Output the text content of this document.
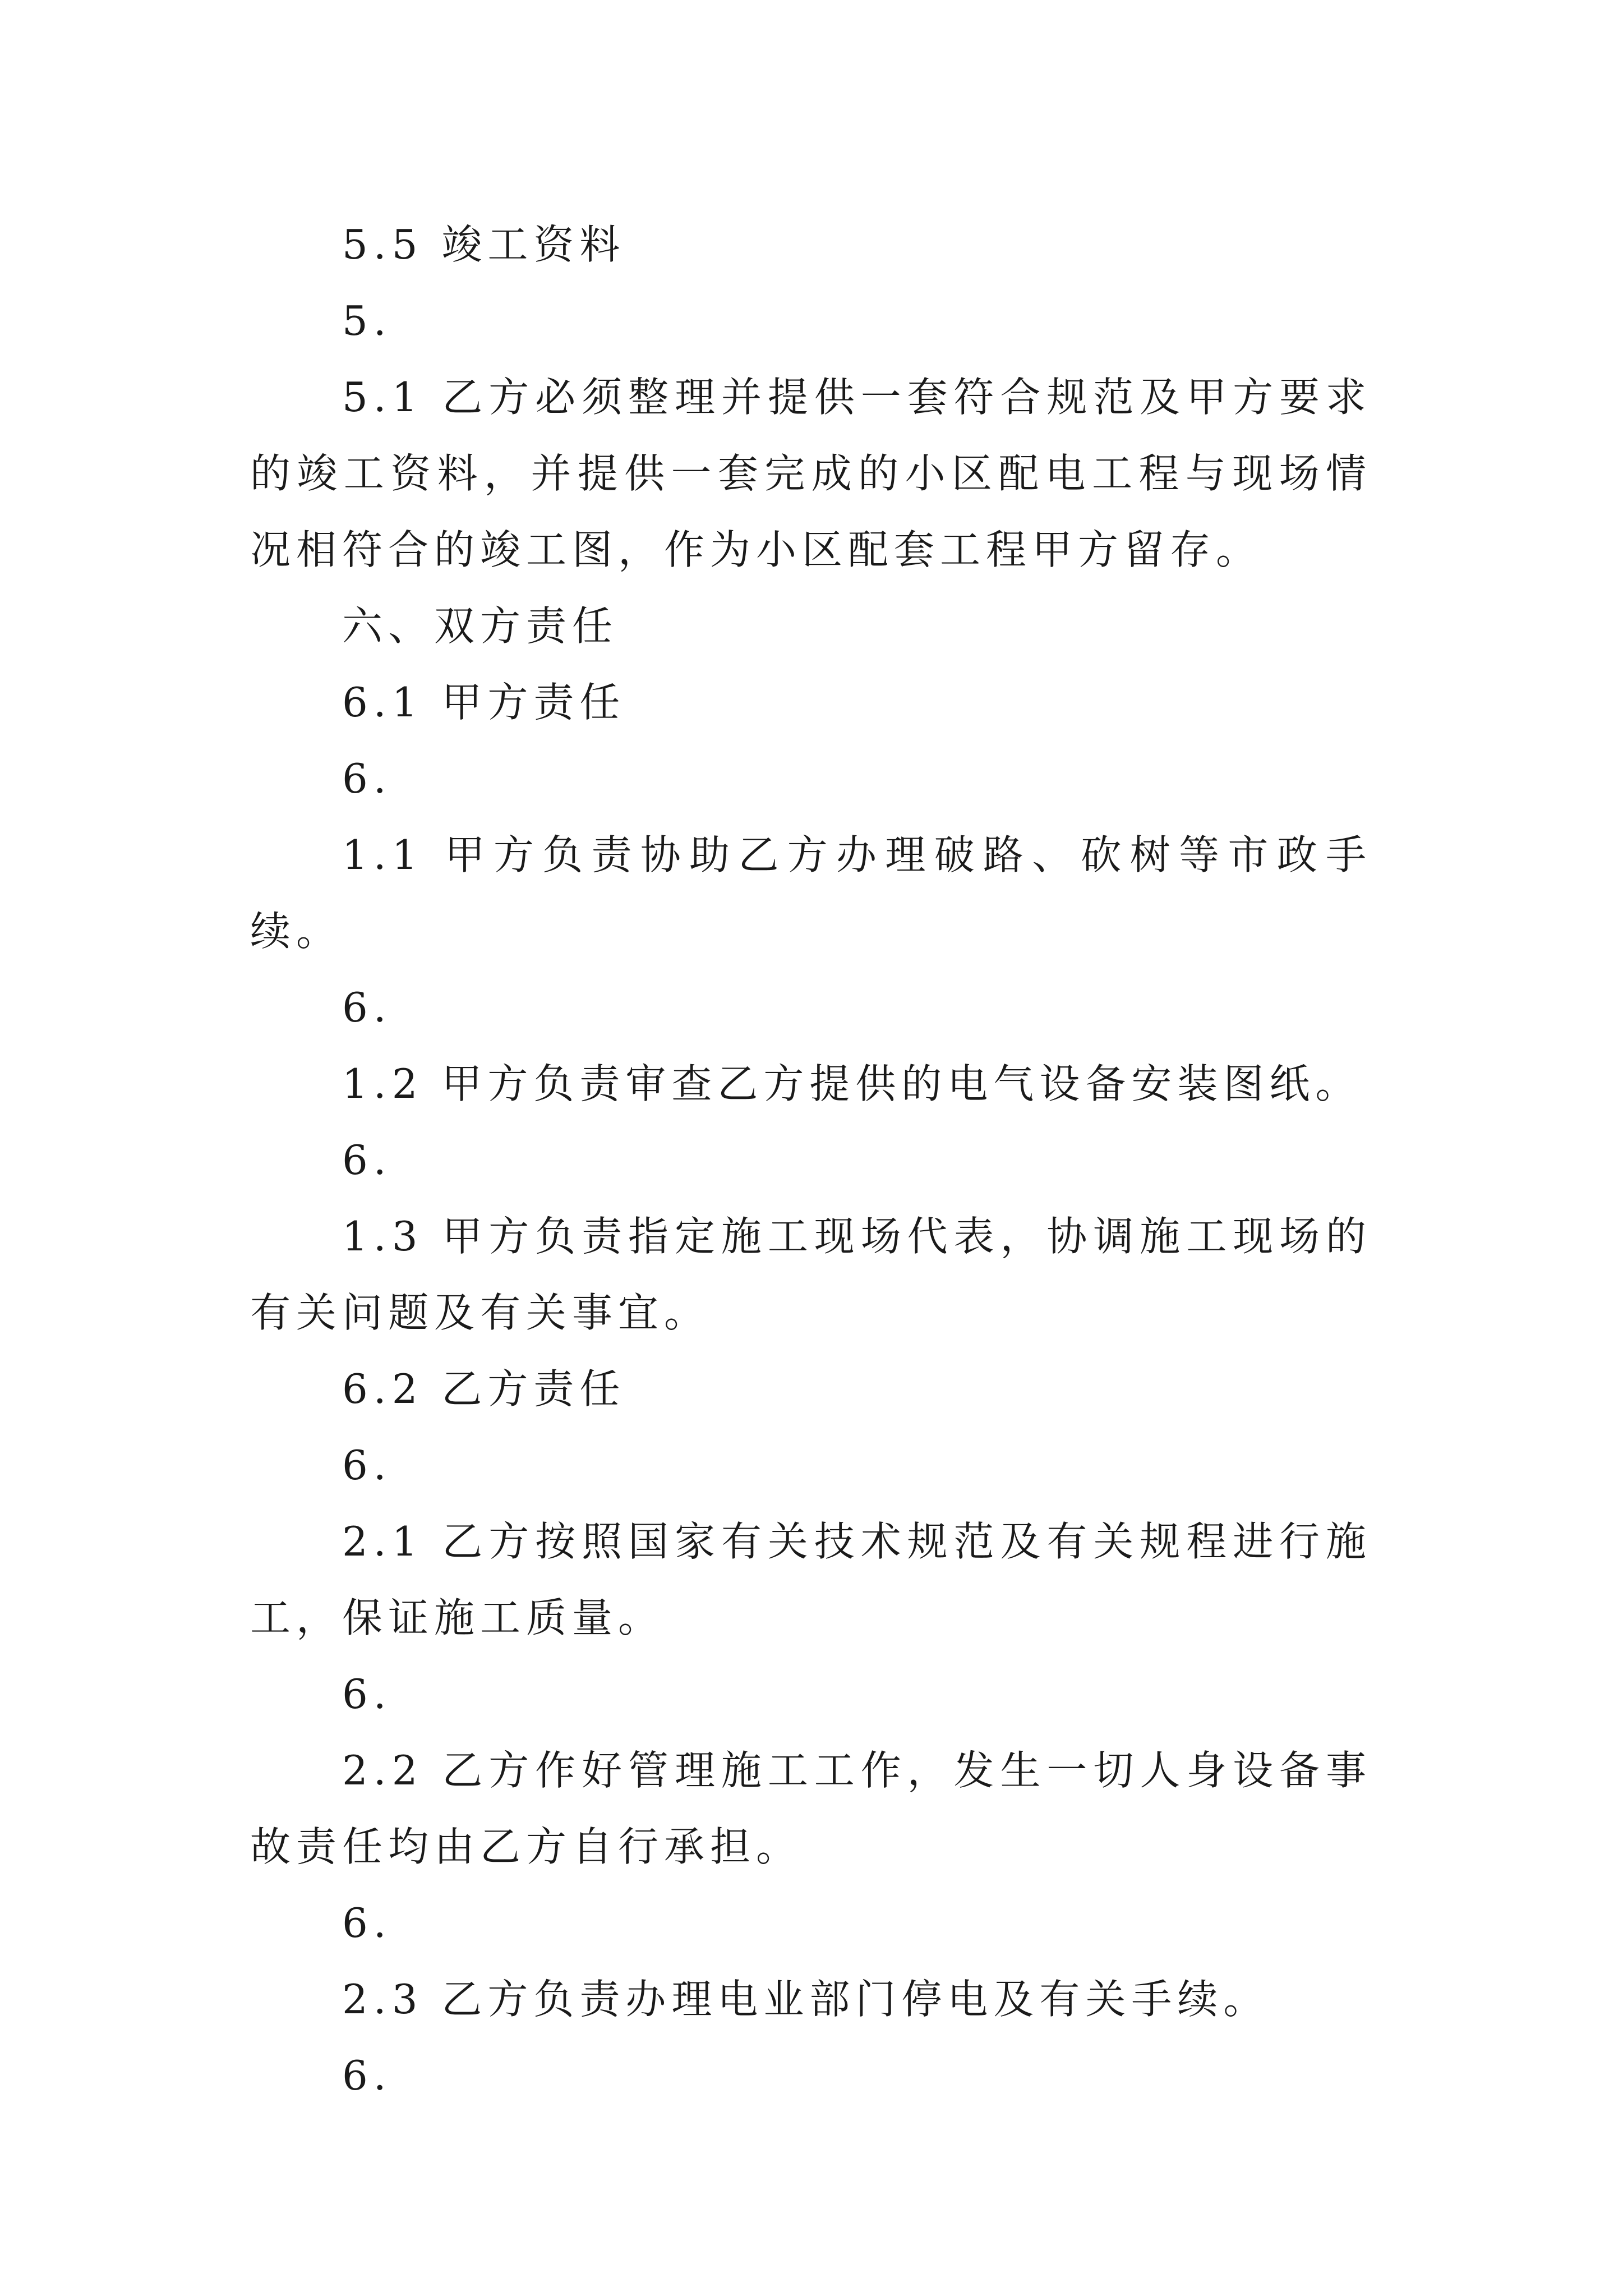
5.5 竣工资料

5.

5.1 乙方必须整理并提供一套符合规范及甲方要求的竣工资料，并提供一套完成的小区配电工程与现场情况相符合的竣工图，作为小区配套工程甲方留存。

六、双方责任

6.1 甲方责任

6.

1.1 甲方负责协助乙方办理破路、砍树等市政手续。

6.

1.2 甲方负责审查乙方提供的电气设备安装图纸。

6.

1.3 甲方负责指定施工现场代表，协调施工现场的有关问题及有关事宜。

6.2 乙方责任

6.

2.1 乙方按照国家有关技术规范及有关规程进行施工，保证施工质量。

6.

2.2 乙方作好管理施工工作，发生一切人身设备事故责任均由乙方自行承担。

6.

2.3 乙方负责办理电业部门停电及有关手续。

6.
